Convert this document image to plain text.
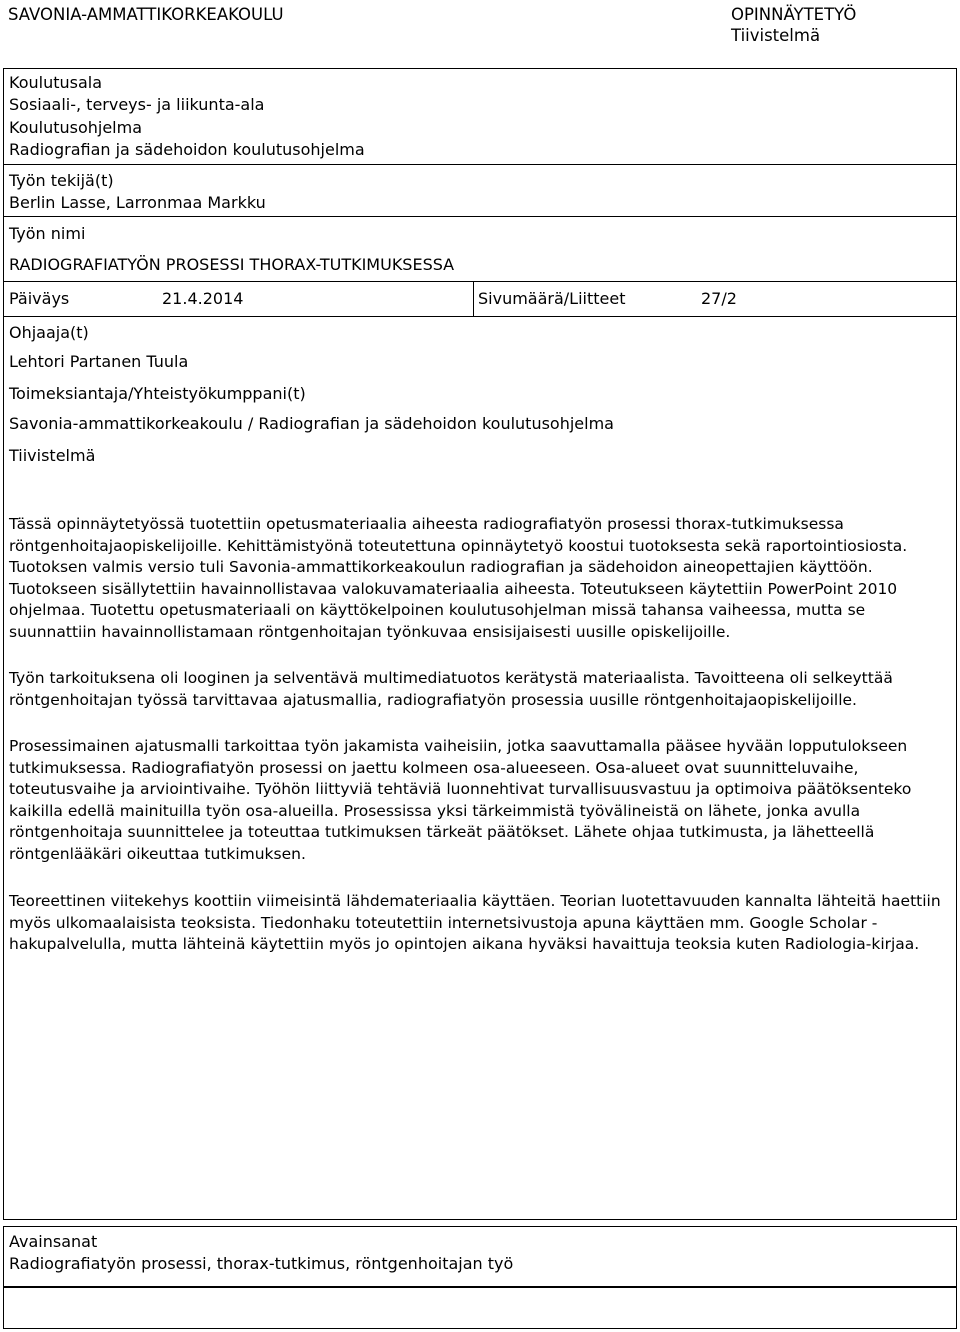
SAVONIA-AMMATTIKORKEAKOULU	OPINNÄYTETYÖ
Tiivistelmä
Koulutusala
Sosiaali-, terveys- ja liikunta-ala
Koulutusohjelma
Radiografian ja sädehoidon koulutusohjelma
Työn tekijä(t)
Berlin Lasse, Larronmaa Markku
Työn nimi
RADIOGRAFIATYÖN PROSESSI THORAX-TUTKIMUKSESSA
Päiväys	21.4.2014	Sivumäärä/Liitteet	27/2
Ohjaaja(t)
Lehtori Partanen Tuula
Toimeksiantaja/Yhteistyökumppani(t)
Savonia-ammattikorkeakoulu / Radiografian ja sädehoidon koulutusohjelma
Tiivistelmä

Tässä opinnäytetyössä tuotettiin opetusmateriaalia aiheesta radiografiatyön prosessi thorax-tutkimuksessa röntgenhoitajaopiskelijoille. Kehittämistyönä toteutettuna opinnäytetyö koostui tuotoksesta sekä raportointiosiosta. Tuotoksen valmis versio tuli Savonia-ammattikorkeakoulun radiografian ja sädehoidon aineopettajien käyttöön. Tuotokseen sisällytettiin havainnollistavaa valokuvamateriaalia aiheesta. Toteutukseen käytettiin PowerPoint 2010 ohjelmaa. Tuotettu opetusmateriaali on käyttökelpoinen koulutusohjelman missä tahansa vaiheessa, mutta se suunnattiin havainnollistamaan röntgenhoitajan työnkuvaa ensisijaisesti uusille opiskelijoille.

Työn tarkoituksena oli looginen ja selventävä multimediatuotos kerätystä materiaalista. Tavoitteena oli selkeyttää röntgenhoitajan työssä tarvittavaa ajatusmallia, radiografiatyön prosessia uusille röntgenhoitajaopiskelijoille.

Prosessimainen ajatusmalli tarkoittaa työn jakamista vaiheisiin, jotka saavuttamalla pääsee hyvään lopputulokseen tutkimuksessa. Radiografiatyön prosessi on jaettu kolmeen osa-alueeseen. Osa-alueet ovat suunnitteluvaihe, toteutusvaihe ja arviointivaihe. Työhön liittyviä tehtäviä luonnehtivat turvallisuusvastuu ja optimoiva päätöksenteko kaikilla edellä mainituilla työn osa-alueilla. Prosessissa yksi tärkeimmistä työvälineistä on lähete, jonka avulla röntgenhoitaja suunnittelee ja toteuttaa tutkimuksen tärkeät päätökset. Lähete ohjaa tutkimusta, ja lähetteellä röntgenlääkäri oikeuttaa tutkimuksen.

Teoreettinen viitekehys koottiin viimeisintä lähdemateriaalia käyttäen. Teorian luotettavuuden kannalta lähteitä haettiin myös ulkomaalaisista teoksista. Tiedonhaku toteutettiin internetsivustoja apuna käyttäen mm. Google Scholar -hakupalvelulla, mutta lähteinä käytettiin myös jo opintojen aikana hyväksi havaittuja teoksia kuten Radiologia-kirjaa.

Avainsanat
Radiografiatyön prosessi, thorax-tutkimus, röntgenhoitajan työ
